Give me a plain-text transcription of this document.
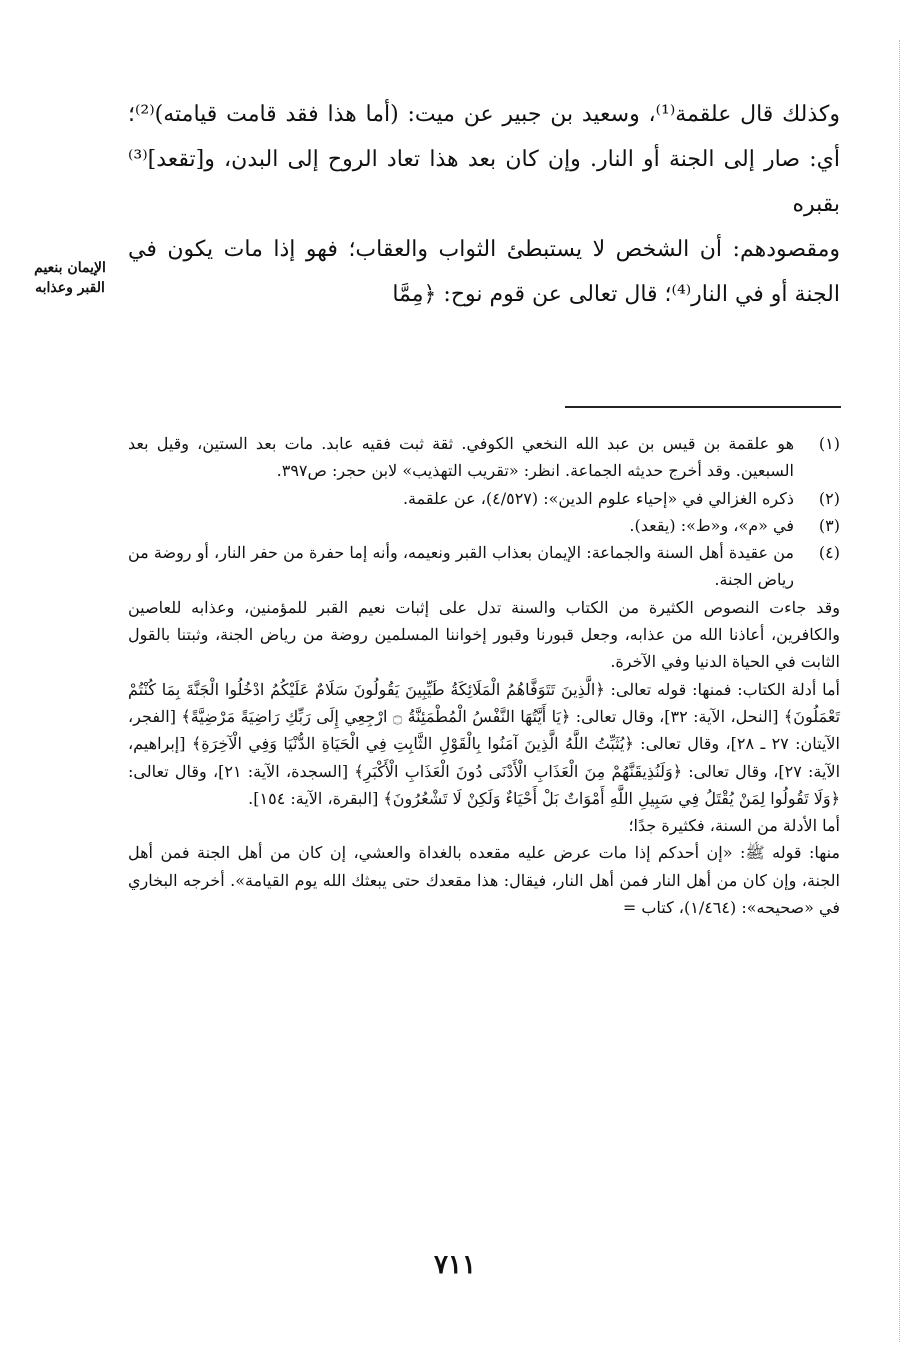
وكذلك قال علقمة⁽¹⁾، وسعيد بن جبير عن ميت: (أما هذا فقد قامت قيامته)⁽²⁾؛ أي: صار إلى الجنة أو النار. وإن كان بعد هذا تعاد الروح إلى البدن، و[تقعد]⁽³⁾ بقبره

ومقصودهم: أن الشخص لا يستبطئ الثواب والعقاب؛ فهو إذا مات يكون في الجنة أو في النار⁽⁴⁾؛ قال تعالى عن قوم نوح: ﴿مِمَّا

الإيمان بنعيم
القبر وعذابه
(١)

هو علقمة بن قيس بن عبد الله النخعي الكوفي. ثقة ثبت فقيه عابد. مات بعد الستين، وقيل بعد السبعين. وقد أخرج حديثه الجماعة. انظر: «تقريب التهذيب» لابن حجر: ص٣٩٧.

(٢)

ذكره الغزالي في «إحياء علوم الدين»: (٤/٥٢٧)، عن علقمة.

(٣)

في «م»، و«ط»: (يقعد).

(٤)

من عقيدة أهل السنة والجماعة: الإيمان بعذاب القبر ونعيمه، وأنه إما حفرة من حفر النار، أو روضة من رياض الجنة.

وقد جاءت النصوص الكثيرة من الكتاب والسنة تدل على إثبات نعيم القبر للمؤمنين، وعذابه للعاصين والكافرين، أعاذنا الله من عذابه، وجعل قبورنا وقبور إخواننا المسلمين روضة من رياض الجنة، وثبتنا بالقول الثابت في الحياة الدنيا وفي الآخرة.

أما أدلة الكتاب: فمنها: قوله تعالى: ﴿الَّذِينَ تَتَوَفَّاهُمُ الْمَلَائِكَةُ طَيِّبِينَ يَقُولُونَ سَلَامٌ عَلَيْكُمُ ادْخُلُوا الْجَنَّةَ بِمَا كُنْتُمْ تَعْمَلُونَ﴾ [النحل، الآية: ٣٢]، وقال تعالى: ﴿يَا أَيَّتُهَا النَّفْسُ الْمُطْمَئِنَّةُ ۝ ارْجِعِي إِلَى رَبِّكِ رَاضِيَةً مَرْضِيَّةً﴾ [الفجر، الآيتان: ٢٧ ـ ٢٨]، وقال تعالى: ﴿يُثَبِّتُ اللَّهُ الَّذِينَ آمَنُوا بِالْقَوْلِ الثَّابِتِ فِي الْحَيَاةِ الدُّنْيَا وَفِي الْآخِرَةِ﴾ [إبراهيم، الآية: ٢٧]، وقال تعالى: ﴿وَلَنُذِيقَنَّهُمْ مِنَ الْعَذَابِ الْأَدْنَى دُونَ الْعَذَابِ الْأَكْبَرِ﴾ [السجدة، الآية: ٢١]، وقال تعالى: ﴿وَلَا تَقُولُوا لِمَنْ يُقْتَلُ فِي سَبِيلِ اللَّهِ أَمْوَاتٌ بَلْ أَحْيَاءٌ وَلَكِنْ لَا تَشْعُرُونَ﴾ [البقرة، الآية: ١٥٤].

أما الأدلة من السنة، فكثيرة جدًا؛

منها: قوله ﷺ: «إن أحدكم إذا مات عرض عليه مقعده بالغداة والعشي، إن كان من أهل الجنة فمن أهل الجنة، وإن كان من أهل النار فمن أهل النار، فيقال: هذا مقعدك حتى يبعثك الله يوم القيامة». أخرجه البخاري في «صحيحه»: (١/٤٦٤)، كتاب =

٧١١
